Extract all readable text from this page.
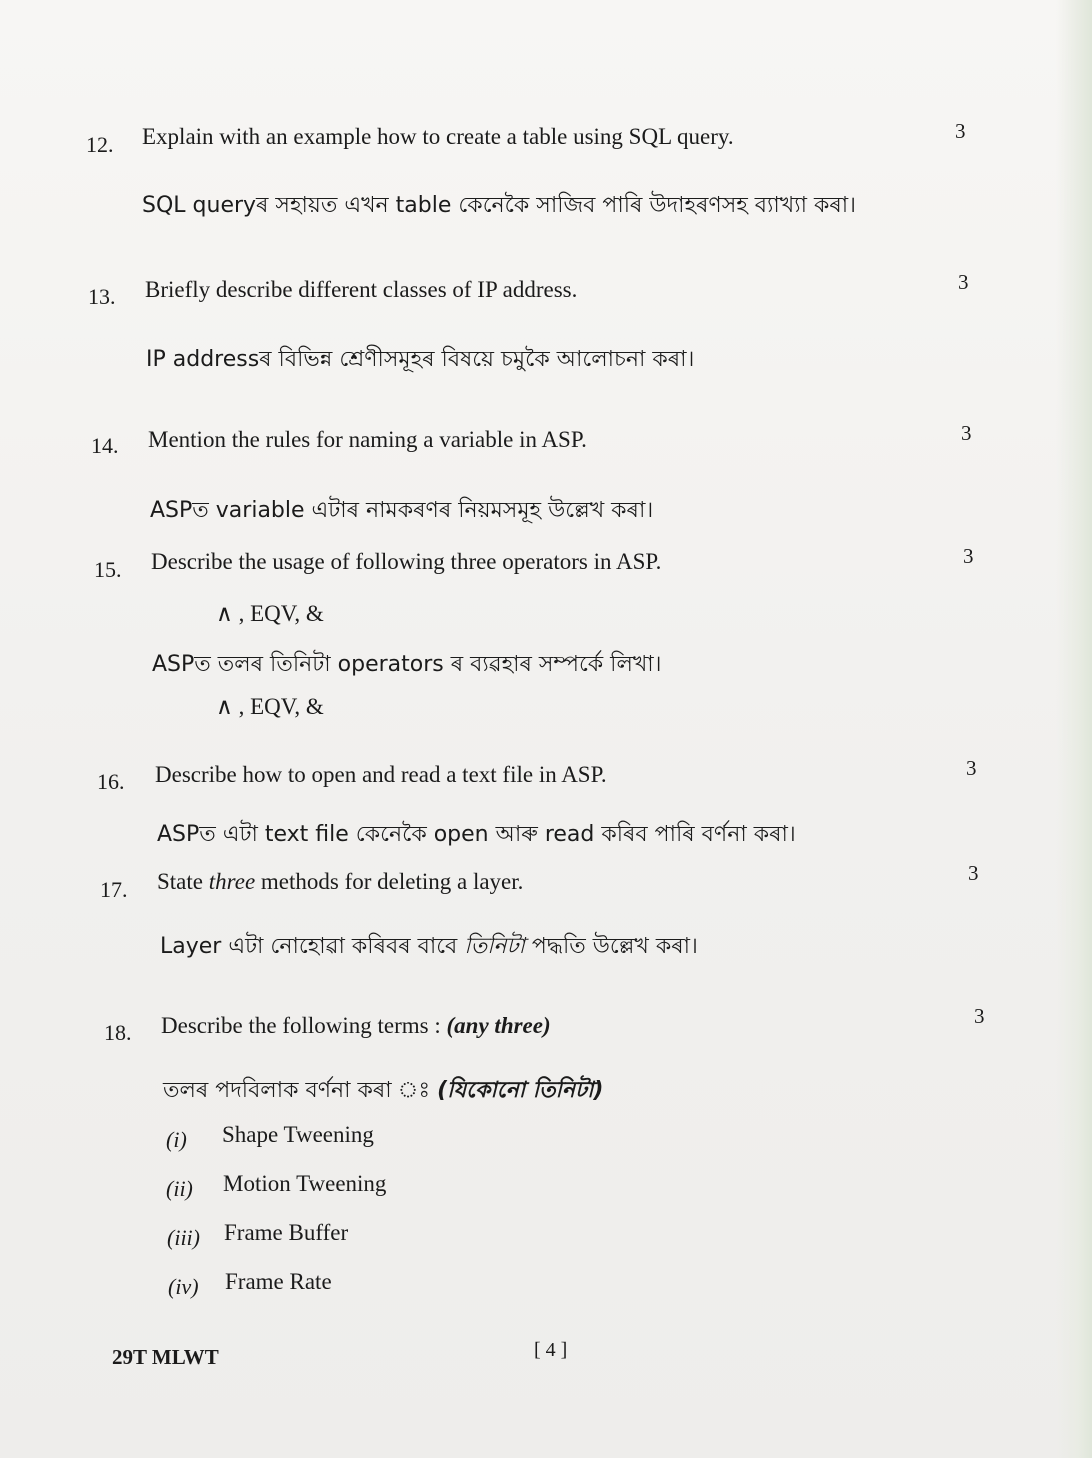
12. Explain with an example how to create a table using SQL query.	3
SQL queryৰ সহায়ত এখন table কেনেকৈ সাজিব পাৰি উদাহৰণসহ ব্যাখ্যা কৰা।
13. Briefly describe different classes of IP address.	3
IP addressৰ বিভিন্ন শ্ৰেণীসমূহৰ বিষয়ে চমুকৈ আলোচনা কৰা।
14. Mention the rules for naming a variable in ASP.	3
ASPত variable এটাৰ নামকৰণৰ নিয়মসমূহ উল্লেখ কৰা।
15. Describe the usage of following three operators in ASP.	3
∧ , EQV, &
ASPত তলৰ তিনিটা operators ৰ ব্যৱহাৰ সম্পৰ্কে লিখা।
∧ , EQV, &
16. Describe how to open and read a text file in ASP.	3
ASPত এটা text file কেনেকৈ open আৰু read কৰিব পাৰি বৰ্ণনা কৰা।
17. State three methods for deleting a layer.	3
Layer এটা নোহোৱা কৰিবৰ বাবে তিনিটা পদ্ধতি উল্লেখ কৰা।
18. Describe the following terms : (any three)	3
তলৰ পদবিলাক বৰ্ণনা কৰা ঃ (যিকোনো তিনিটা)
(i) Shape Tweening
(ii) Motion Tweening
(iii) Frame Buffer
(iv) Frame Rate
29T MLWT	[ 4 ]
